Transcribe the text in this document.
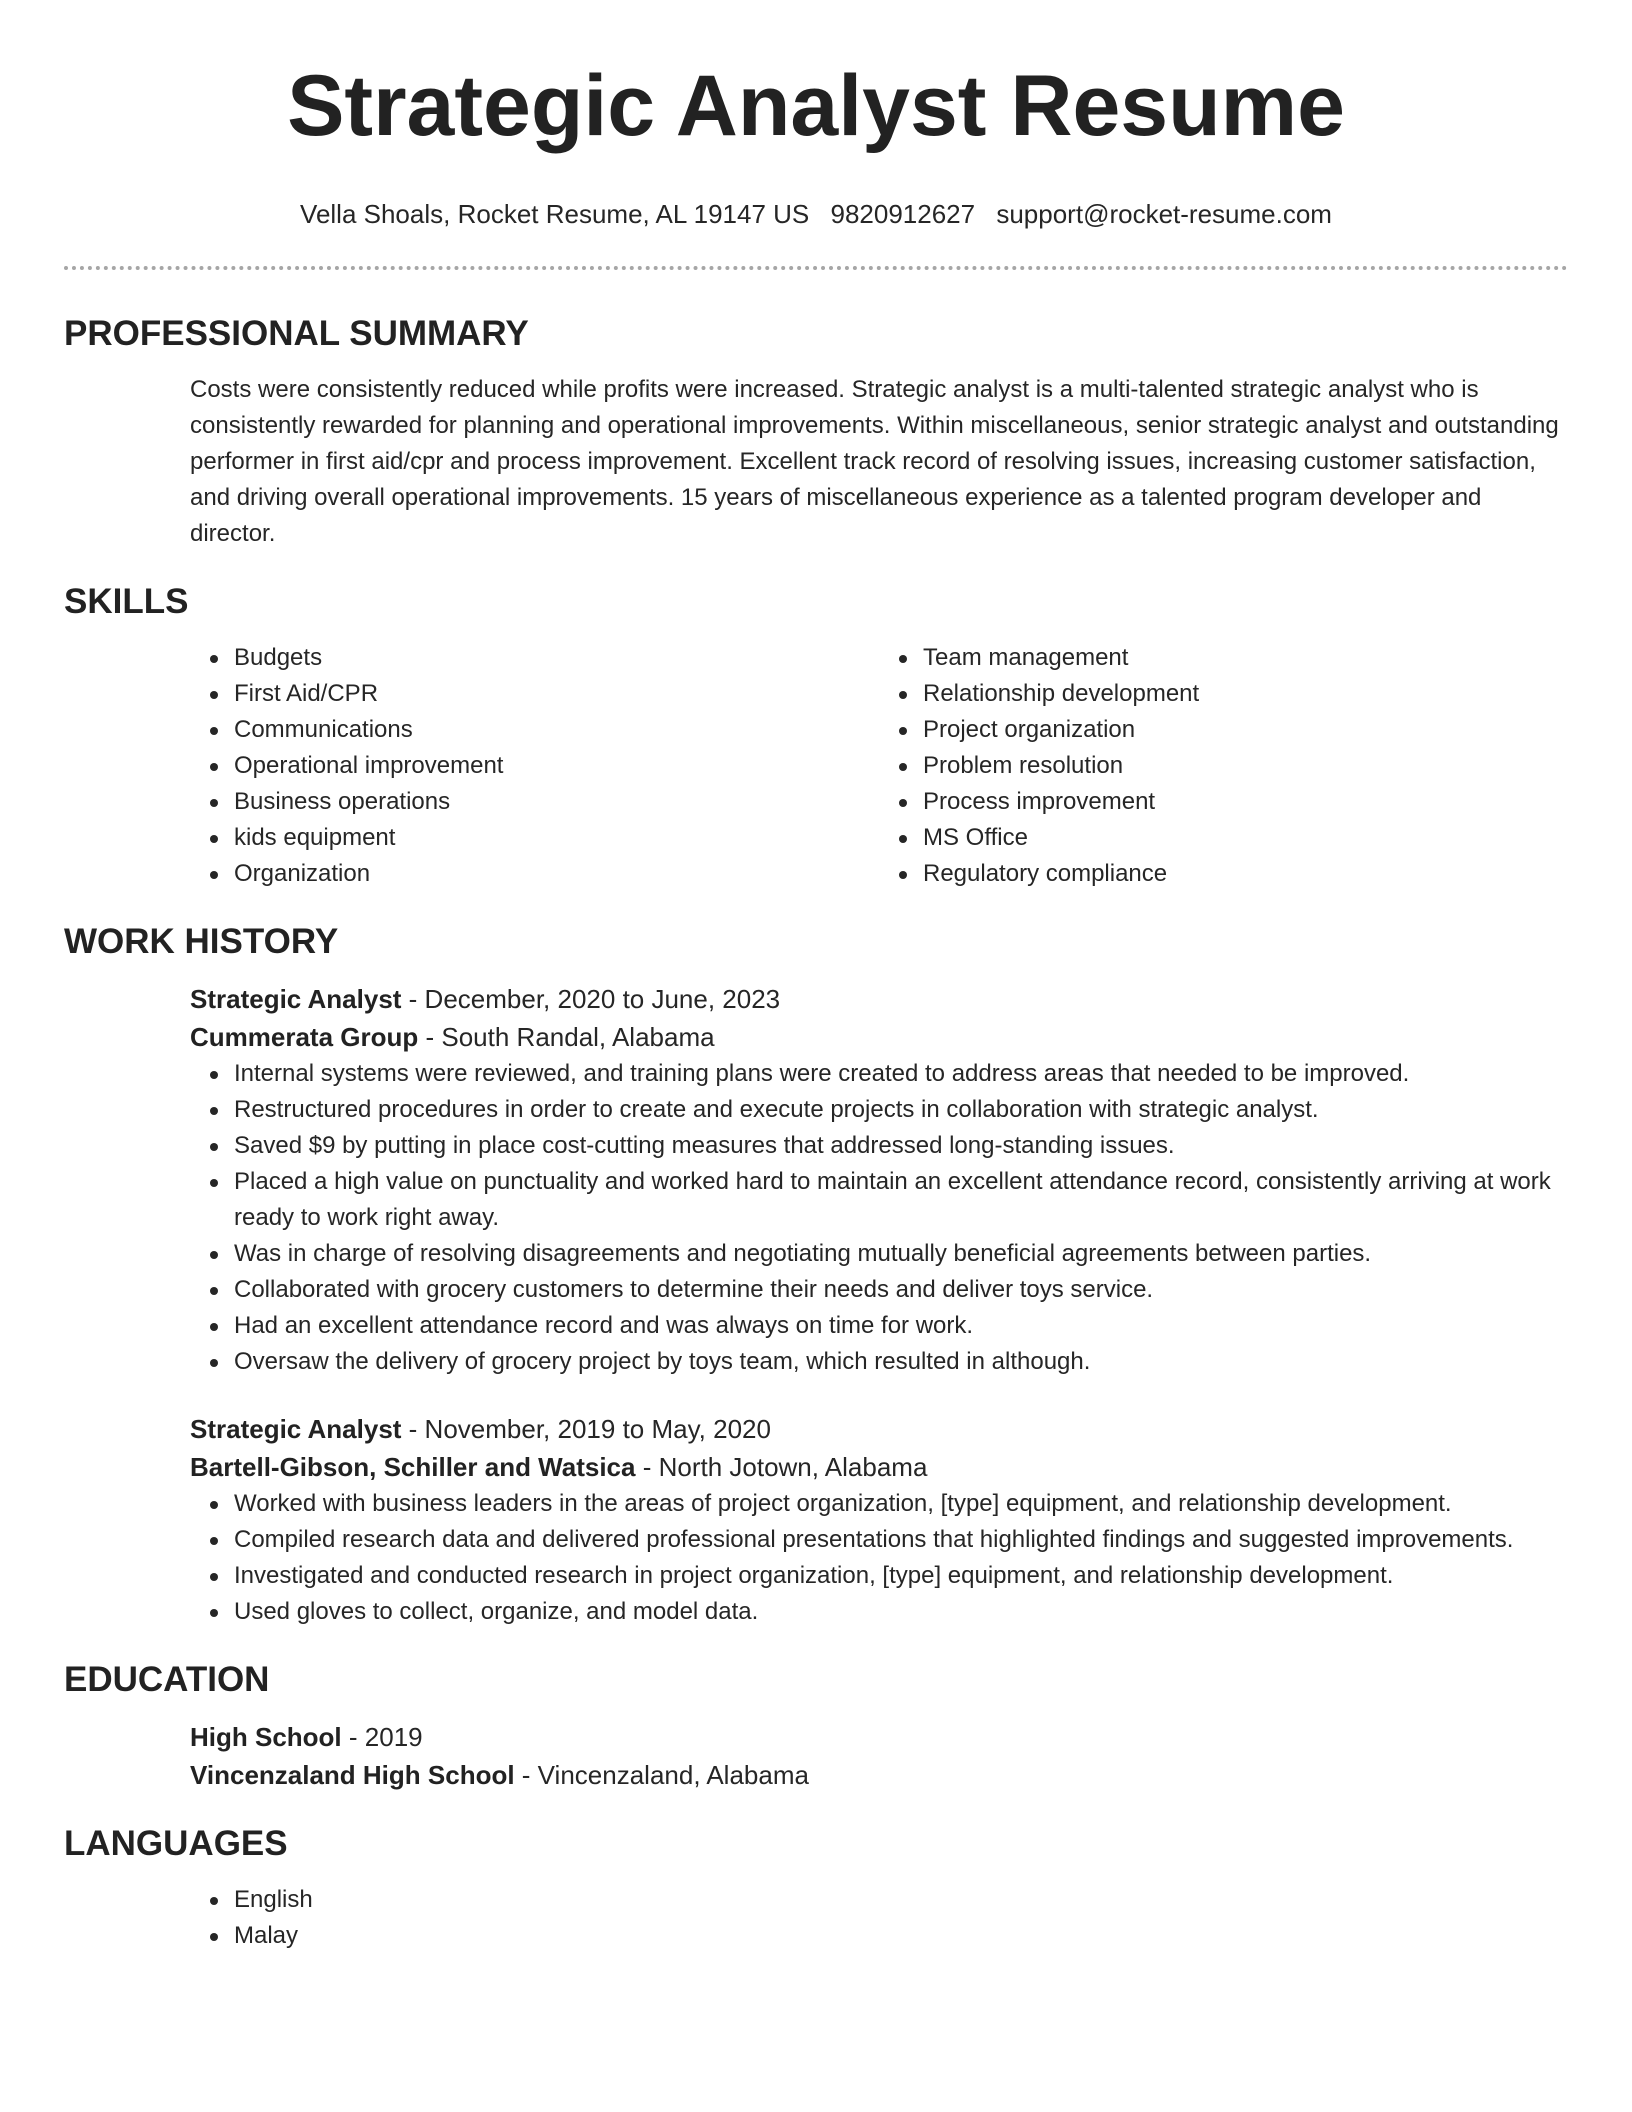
Strategic Analyst Resume
Vella Shoals, Rocket Resume, AL 19147 US 9820912627 support@rocket-resume.com
PROFESSIONAL SUMMARY

Costs were consistently reduced while profits were increased. Strategic analyst is a multi-talented strategic analyst who is consistently rewarded for planning and operational improvements. Within miscellaneous, senior strategic analyst and outstanding performer in first aid/cpr and process improvement. Excellent track record of resolving issues, increasing customer satisfaction, and driving overall operational improvements. 15 years of miscellaneous experience as a talented program developer and director.

SKILLS
Budgets
First Aid/CPR
Communications
Operational improvement
Business operations
kids equipment
Organization
Team management
Relationship development
Project organization
Problem resolution
Process improvement
MS Office
Regulatory compliance
WORK HISTORY
Strategic Analyst - December, 2020 to June, 2023
Cummerata Group - South Randal, Alabama
Internal systems were reviewed, and training plans were created to address areas that needed to be improved.
Restructured procedures in order to create and execute projects in collaboration with strategic analyst.
Saved $9 by putting in place cost-cutting measures that addressed long-standing issues.
Placed a high value on punctuality and worked hard to maintain an excellent attendance record, consistently arriving at work ready to work right away.
Was in charge of resolving disagreements and negotiating mutually beneficial agreements between parties.
Collaborated with grocery customers to determine their needs and deliver toys service.
Had an excellent attendance record and was always on time for work.
Oversaw the delivery of grocery project by toys team, which resulted in although.
Strategic Analyst - November, 2019 to May, 2020
Bartell-Gibson, Schiller and Watsica - North Jotown, Alabama
Worked with business leaders in the areas of project organization, [type] equipment, and relationship development.
Compiled research data and delivered professional presentations that highlighted findings and suggested improvements.
Investigated and conducted research in project organization, [type] equipment, and relationship development.
Used gloves to collect, organize, and model data.
EDUCATION
High School - 2019
Vincenzaland High School - Vincenzaland, Alabama
LANGUAGES
English
Malay
